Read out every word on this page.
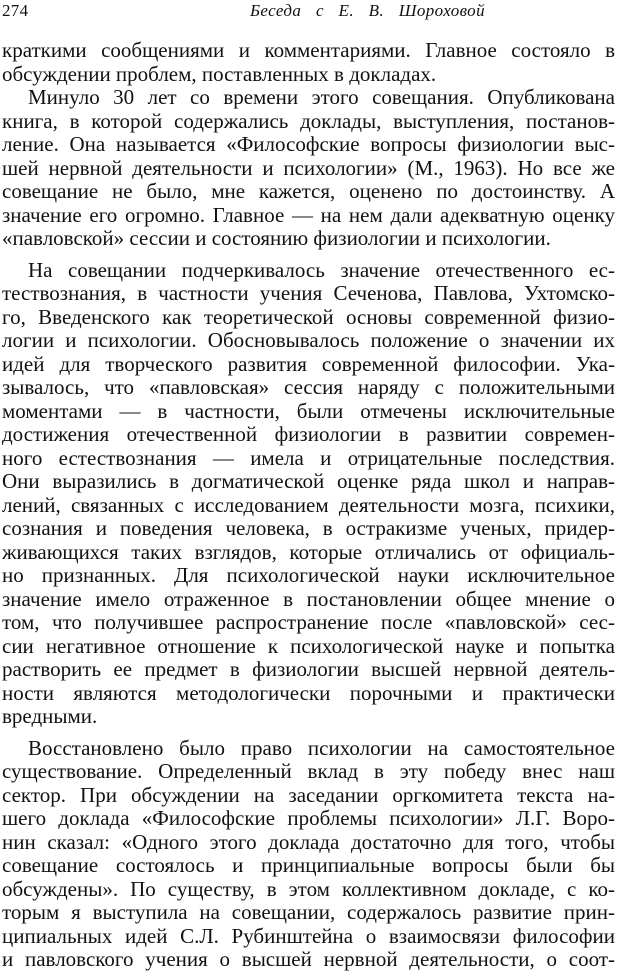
274	Беседа с Е. В. Шороховой
краткими сообщениями и комментариями. Главное состояло в
обсуждении проблем, поставленных в докладах.
Минуло 30 лет со времени этого совещания. Опубликована
книга, в которой содержались доклады, выступления, постанов-
ление. Она называется «Философские вопросы физиологии выс-
шей нервной деятельности и психологии» (М., 1963). Но все же
совещание не было, мне кажется, оценено по достоинству. А
значение его огромно. Главное — на нем дали адекватную оценку
«павловской» сессии и состоянию физиологии и психологии.
На совещании подчеркивалось значение отечественного ес-
тествознания, в частности учения Сеченова, Павлова, Ухтомско-
го, Введенского как теоретической основы современной физио-
логии и психологии. Обосновывалось положение о значении их
идей для творческого развития современной философии. Ука-
зывалось, что «павловская» сессия наряду с положительными
моментами — в частности, были отмечены исключительные
достижения отечественной физиологии в развитии современ-
ного естествознания — имела и отрицательные последствия.
Они выразились в догматической оценке ряда школ и направ-
лений, связанных с исследованием деятельности мозга, психики,
сознания и поведения человека, в остракизме ученых, придер-
живающихся таких взглядов, которые отличались от официаль-
но признанных. Для психологической науки исключительное
значение имело отраженное в постановлении общее мнение о
том, что получившее распространение после «павловской» сес-
сии негативное отношение к психологической науке и попытка
растворить ее предмет в физиологии высшей нервной деятель-
ности являются методологически порочными и практически
вредными.
Восстановлено было право психологии на самостоятельное
существование. Определенный вклад в эту победу внес наш
сектор. При обсуждении на заседании оргкомитета текста на-
шего доклада «Философские проблемы психологии» Л.Г. Воро-
нин сказал: «Одного этого доклада достаточно для того, чтобы
совещание состоялось и принципиальные вопросы были бы
обсуждены». По существу, в этом коллективном докладе, с ко-
торым я выступила на совещании, содержалось развитие прин-
ципиальных идей С.Л. Рубинштейна о взаимосвязи философии
и павловского учения о высшей нервной деятельности, о соот-
